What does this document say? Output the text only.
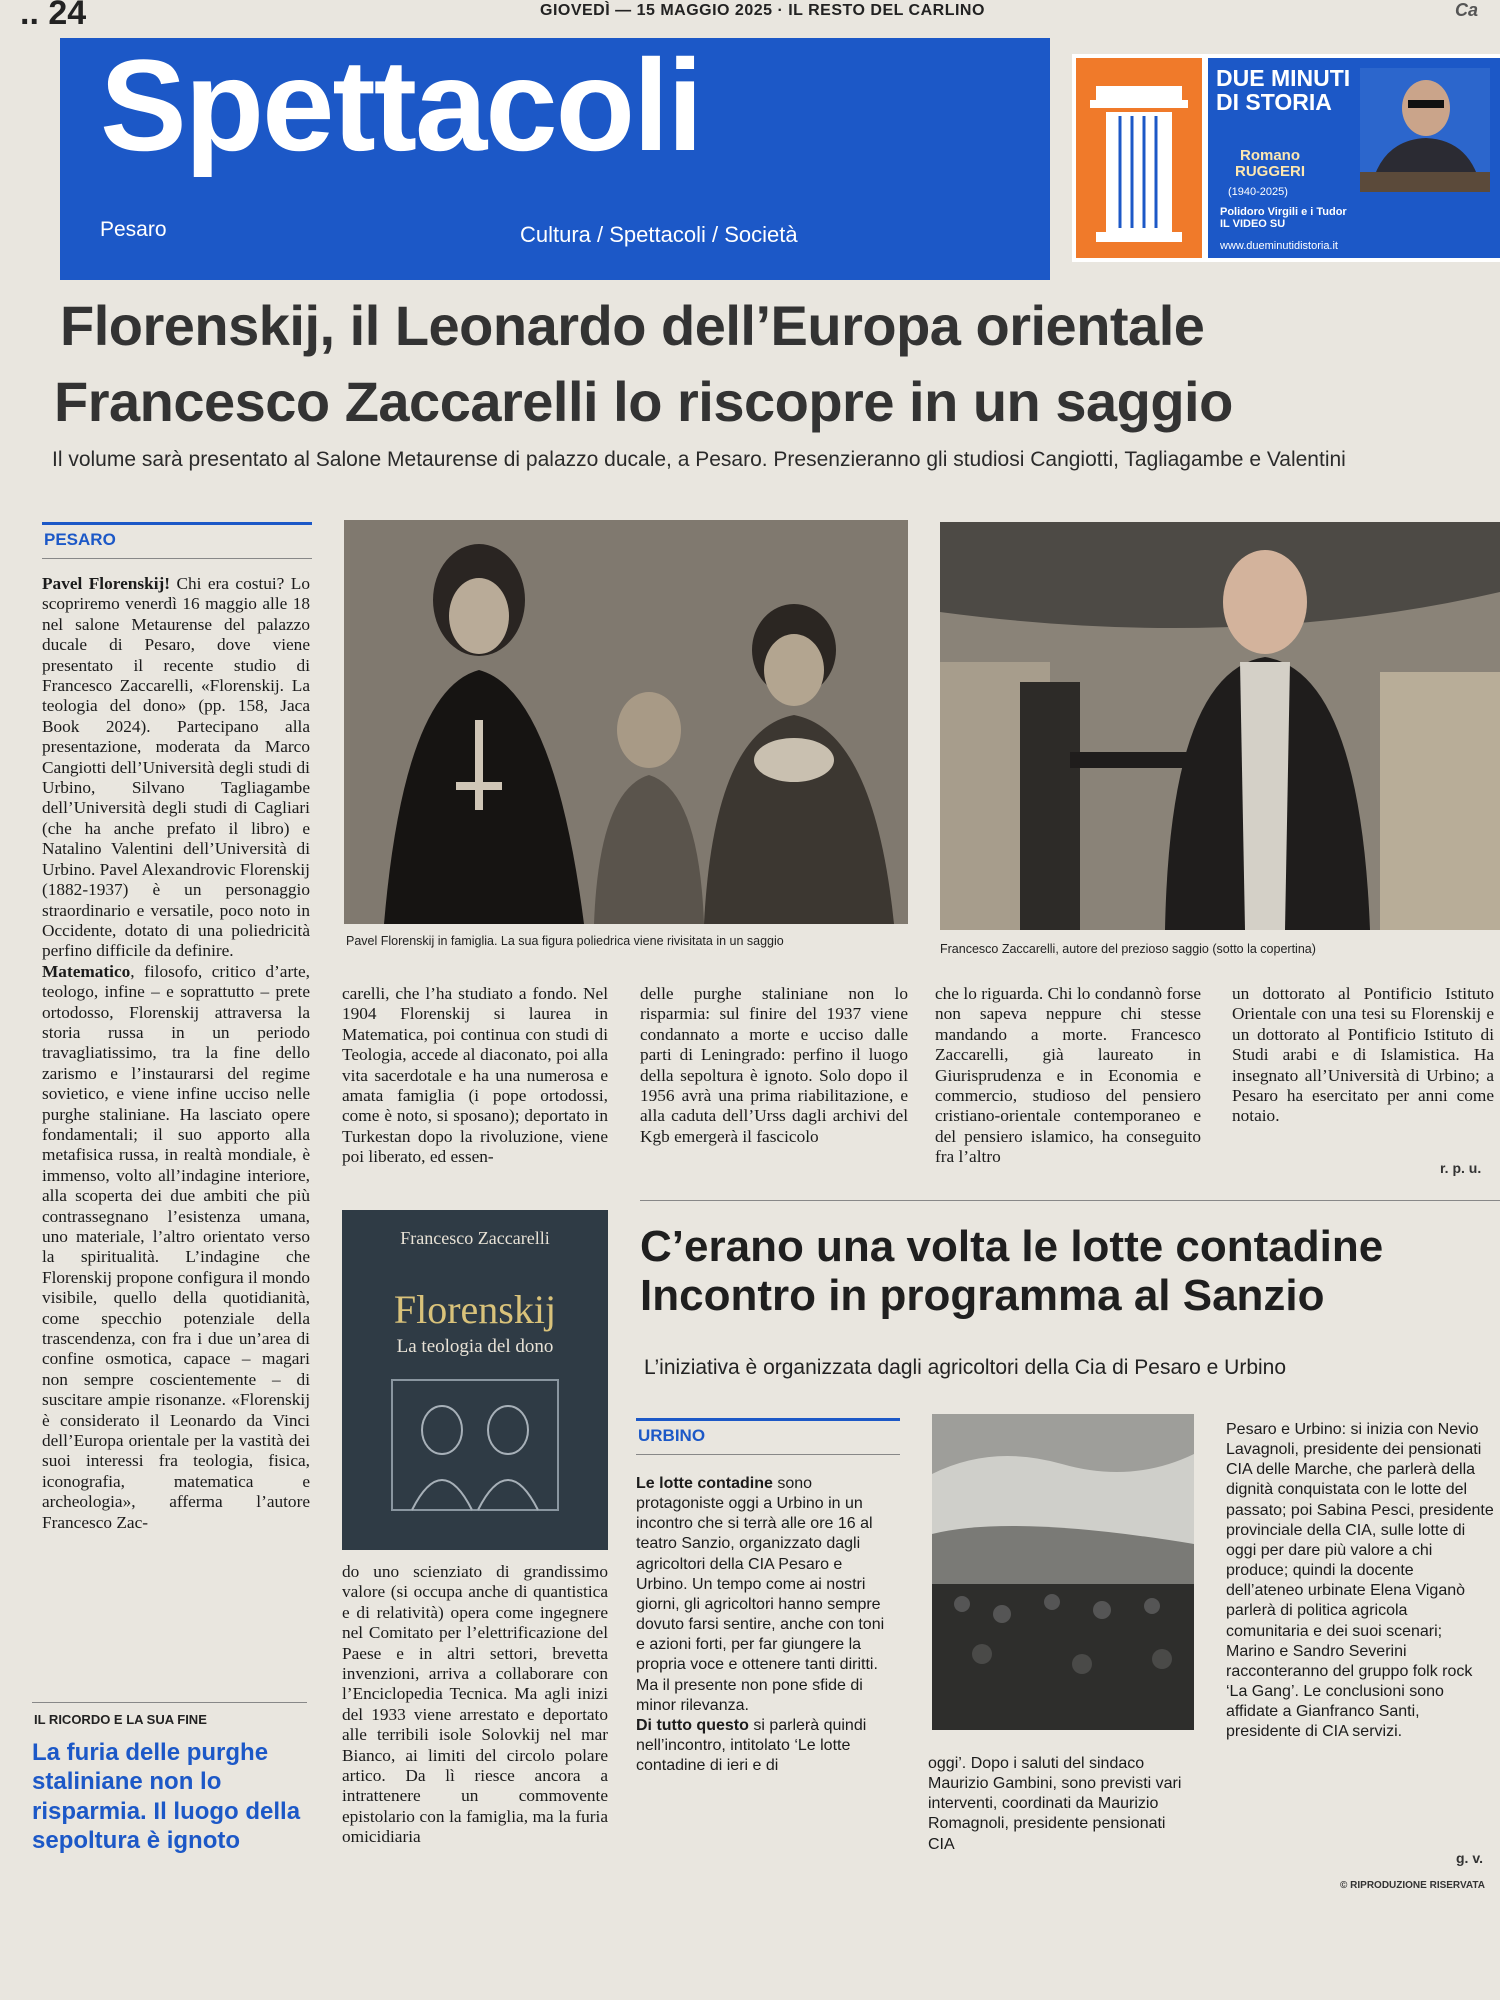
.. 24	GIOVEDÌ — 15 MAGGIO 2025 · IL RESTO DEL CARLINO	Ca
Spettacoli
Pesaro	Cultura / Spettacoli / Società
DUE MINUTI
DI STORIA
Romano
RUGGERI
(1940-2025)
Polidoro Virgili e i Tudor
IL VIDEO SU
www.dueminutidistoria.it
Florenskij, il Leonardo dell’Europa orientale
Francesco Zaccarelli lo riscopre in un saggio
Il volume sarà presentato al Salone Metaurense di palazzo ducale, a Pesaro. Presenzieranno gli studiosi Cangiotti, Tagliagambe e Valentini
PESARO
Pavel Florenskij! Chi era costui? Lo scopriremo venerdì 16 maggio alle 18 nel salone Metaurense del palazzo ducale di Pesaro, dove viene presentato il recente studio di Francesco Zaccarelli, «Florenskij. La teologia del dono» (pp. 158, Jaca Book 2024). Partecipano alla presentazione, moderata da Marco Cangiotti dell’Università degli studi di Urbino, Silvano Tagliagambe dell’Università degli studi di Cagliari (che ha anche prefato il libro) e Natalino Valentini dell’Università di Urbino. Pavel Alexandrovic Florenskij (1882-1937) è un personaggio straordinario e versatile, poco noto in Occidente, dotato di una poliedricità perfino difficile da definire.
Matematico, filosofo, critico d’arte, teologo, infine – e soprattutto – prete ortodosso, Florenskij attraversa la storia russa in un periodo travagliatissimo, tra la fine dello zarismo e l’instaurarsi del regime sovietico, e viene infine ucciso nelle purghe staliniane. Ha lasciato opere fondamentali; il suo apporto alla metafisica russa, in realtà mondiale, è immenso, volto all’indagine interiore, alla scoperta dei due ambiti che più contrassegnano l’esistenza umana, uno materiale, l’altro orientato verso la spiritualità. L’indagine che Florenskij propone configura il mondo visibile, quello della quotidianità, come specchio potenziale della trascendenza, con fra i due un’area di confine osmotica, capace – magari non sempre coscientemente – di suscitare ampie risonanze. «Florenskij è considerato il Leonardo da Vinci dell’Europa orientale per la vastità dei suoi interessi fra teologia, fisica, iconografia, matematica e archeologia», afferma l’autore Francesco Zac-
IL RICORDO E LA SUA FINE
La furia delle purghe staliniane non lo risparmia. Il luogo della sepoltura è ignoto
Pavel Florenskij in famiglia. La sua figura poliedrica viene rivisitata in un saggio
Francesco Zaccarelli, autore del prezioso saggio (sotto la copertina)
carelli, che l’ha studiato a fondo. Nel 1904 Florenskij si laurea in Matematica, poi continua con studi di Teologia, accede al diaconato, poi alla vita sacerdotale e ha una numerosa e amata famiglia (i pope ortodossi, come è noto, si sposano); deportato in Turkestan dopo la rivoluzione, viene poi liberato, ed essen-
delle purghe staliniane non lo risparmia: sul finire del 1937 viene condannato a morte e ucciso dalle parti di Leningrado: perfino il luogo della sepoltura è ignoto. Solo dopo il 1956 avrà una prima riabilitazione, e alla caduta dell’Urss dagli archivi del Kgb emergerà il fascicolo
che lo riguarda. Chi lo condannò forse non sapeva neppure chi stesse mandando a morte. Francesco Zaccarelli, già laureato in Giurisprudenza e in Economia e commercio, studioso del pensiero cristiano-orientale contemporaneo e del pensiero islamico, ha conseguito fra l’altro
un dottorato al Pontificio Istituto Orientale con una tesi su Florenskij e un dottorato al Pontificio Istituto di Studi arabi e di Islamistica. Ha insegnato all’Università di Urbino; a Pesaro ha esercitato per anni come notaio.
r. p. u.
Francesco Zaccarelli
Florenskij
La teologia del dono
do uno scienziato di grandissimo valore (si occupa anche di quantistica e di relatività) opera come ingegnere nel Comitato per l’elettrificazione del Paese e in altri settori, brevetta invenzioni, arriva a collaborare con l’Enciclopedia Tecnica. Ma agli inizi del 1933 viene arrestato e deportato alle terribili isole Solovkij nel mar Bianco, ai limiti del circolo polare artico. Da lì riesce ancora a intrattenere un commovente epistolario con la famiglia, ma la furia omicidiaria
C’erano una volta le lotte contadine
Incontro in programma al Sanzio
L’iniziativa è organizzata dagli agricoltori della Cia di Pesaro e Urbino
URBINO
Le lotte contadine sono protagoniste oggi a Urbino in un incontro che si terrà alle ore 16 al teatro Sanzio, organizzato dagli agricoltori della CIA Pesaro e Urbino. Un tempo come ai nostri giorni, gli agricoltori hanno sempre dovuto farsi sentire, anche con toni e azioni forti, per far giungere la propria voce e ottenere tanti diritti. Ma il presente non pone sfide di minor rilevanza.
Di tutto questo si parlerà quindi nell’incontro, intitolato ‘Le lotte contadine di ieri e di	oggi’. Dopo i saluti del sindaco Maurizio Gambini, sono previsti vari interventi, coordinati da Maurizio Romagnoli, presidente pensionati CIA
Pesaro e Urbino: si inizia con Nevio Lavagnoli, presidente dei pensionati CIA delle Marche, che parlerà della dignità conquistata con le lotte del passato; poi Sabina Pesci, presidente provinciale della CIA, sulle lotte di oggi per dare più valore a chi produce; quindi la docente dell’ateneo urbinate Elena Viganò parlerà di politica agricola comunitaria e dei suoi scenari; Marino e Sandro Severini racconteranno del gruppo folk rock ‘La Gang’. Le conclusioni sono affidate a Gianfranco Santi, presidente di CIA servizi.
g. v.
© RIPRODUZIONE RISERVATA
